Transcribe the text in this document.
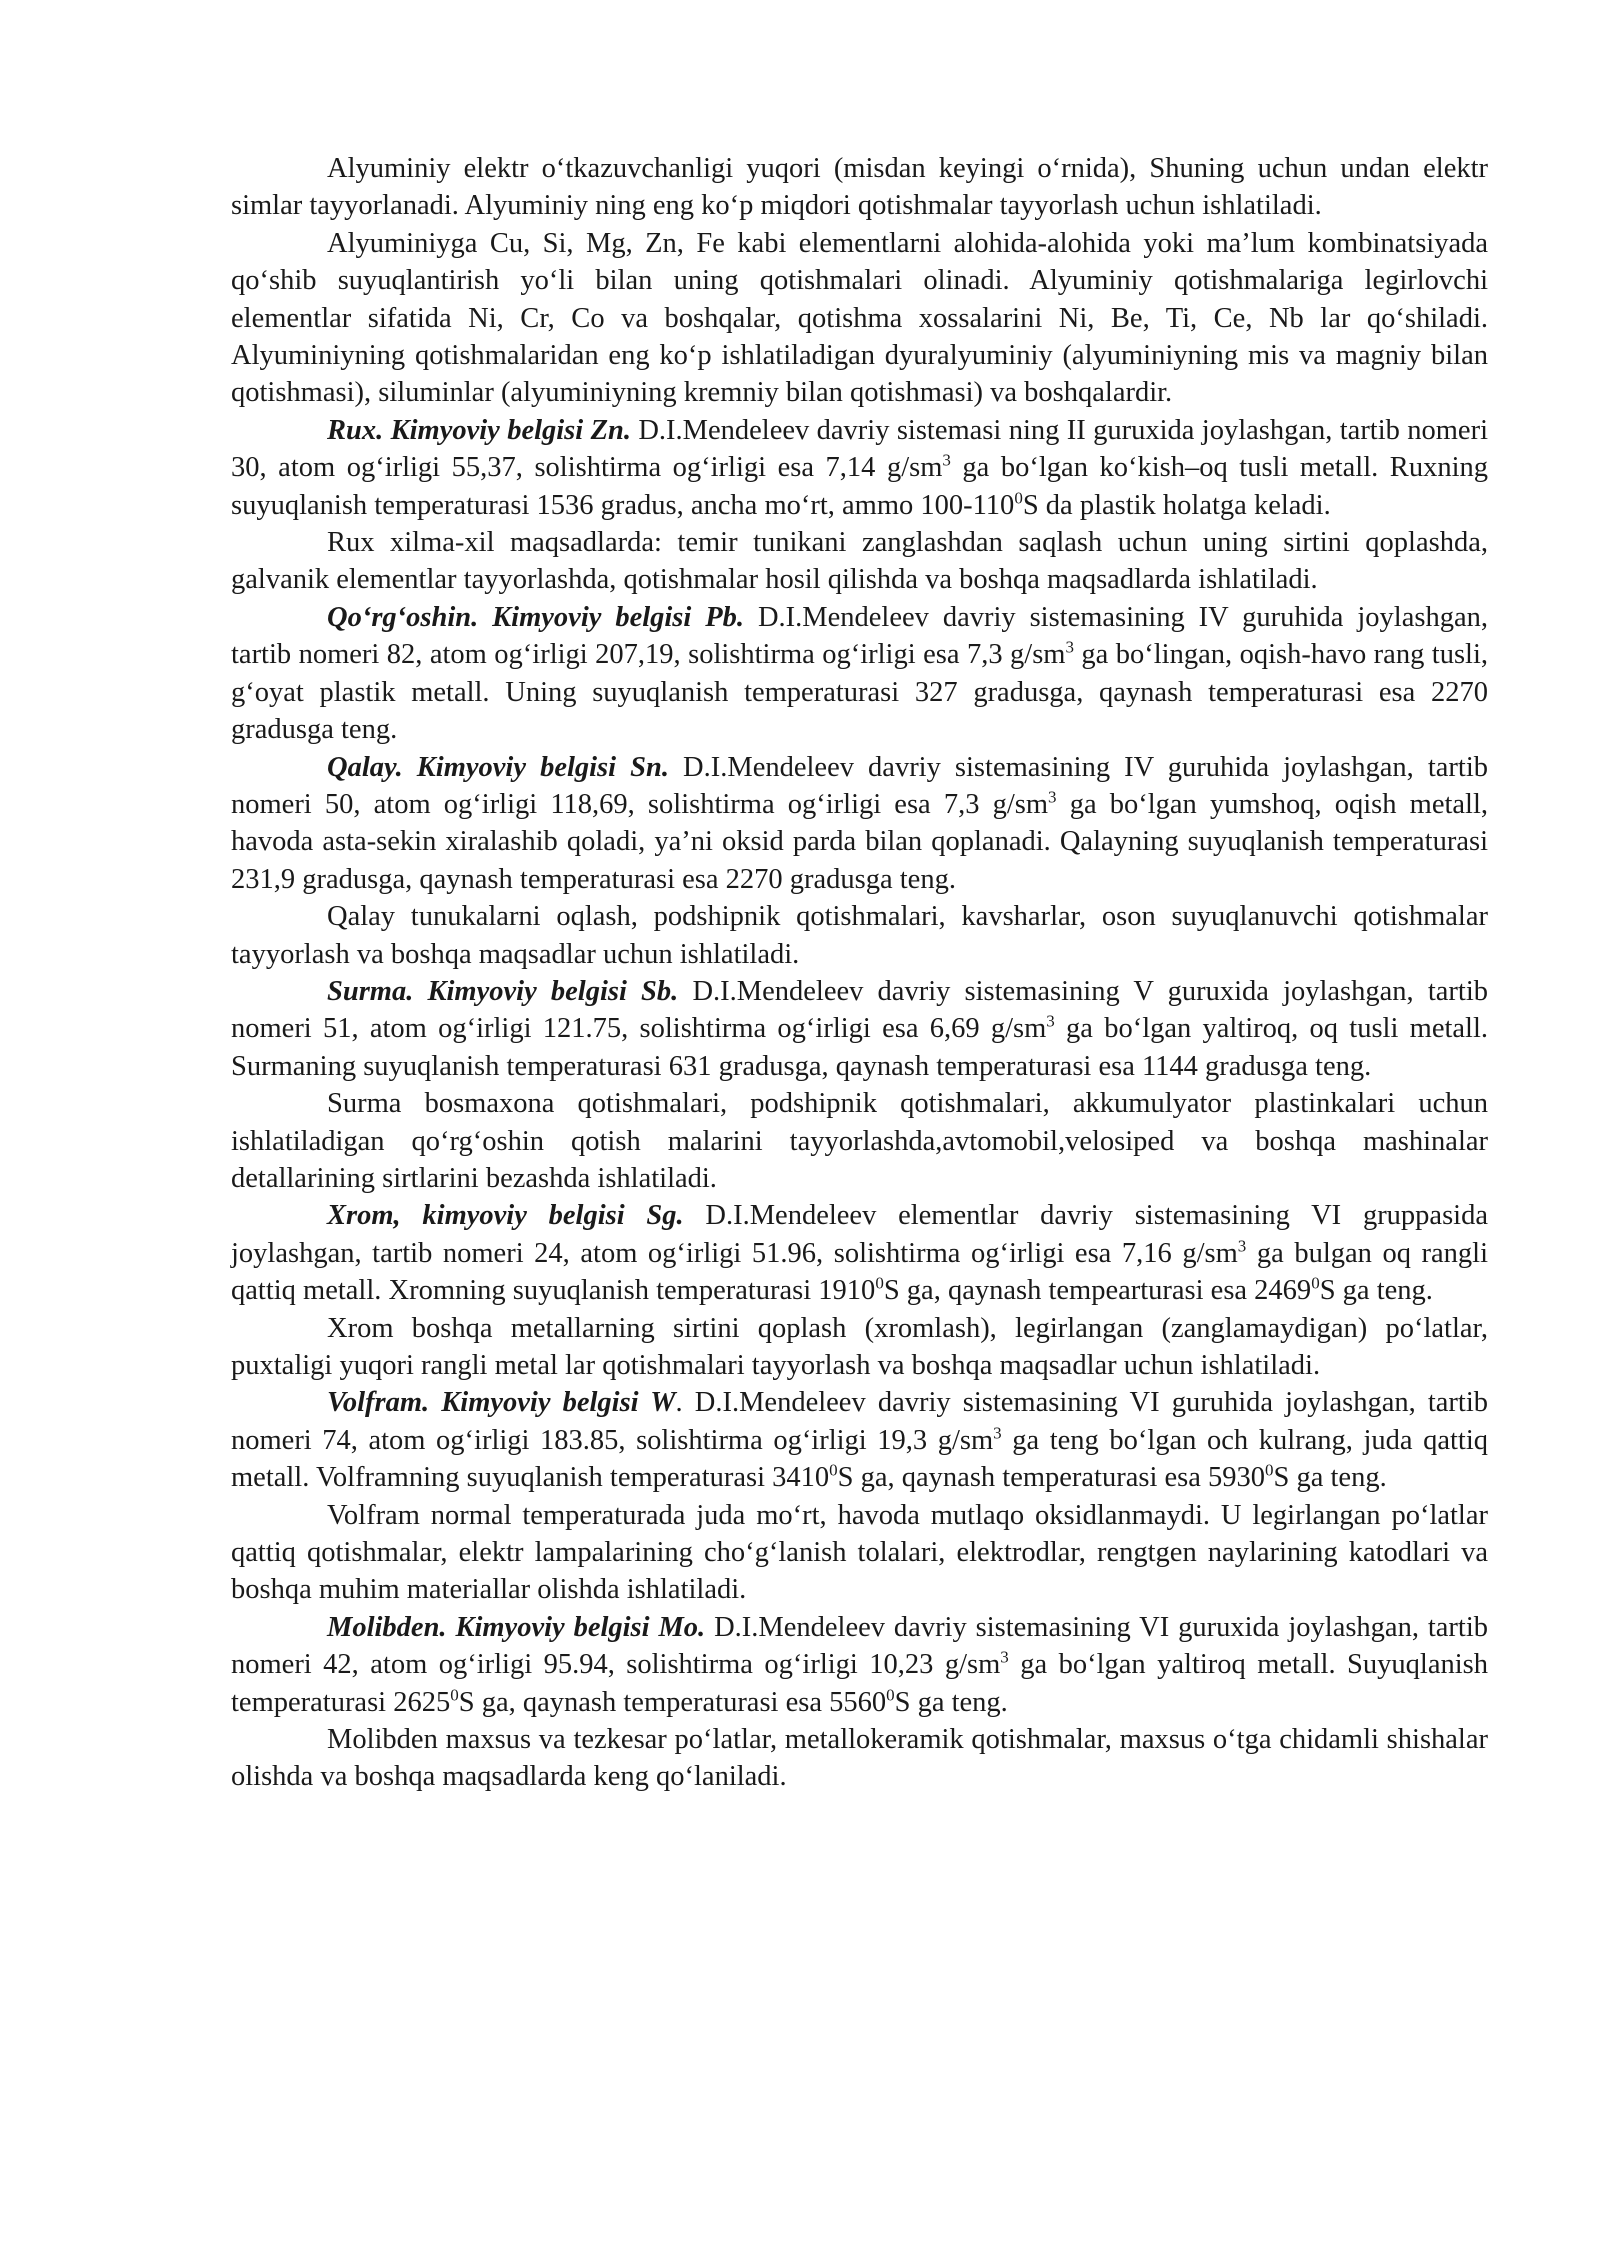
Alyuminiy elektr o‘tkazuvchanligi yuqori (misdan keyingi o‘rnida), Shuning uchun undan elektr simlar tayyorlanadi. Alyuminiy ning eng ko‘p miqdori qotishmalar tayyorlash uchun ishlatiladi.

Alyuminiyga Cu, Si, Mg, Zn, Fe kabi elementlarni alohida-alohida yoki ma’lum kombinatsiyada qo‘shib suyuqlantirish yo‘li bilan uning qotishmalari olinadi. Alyuminiy qotishmalariga legirlovchi elementlar sifatida Ni, Cr, Co va boshqalar, qotishma xossalarini Ni, Be, Ti, Ce, Nb lar qo‘shiladi. Alyuminiyning qotishmalaridan eng ko‘p ishlatiladigan dyuralyuminiy (alyuminiyning mis va magniy bilan qotishmasi), siluminlar (alyuminiyning kremniy bilan qotishmasi) va boshqalardir.

Rux. Kimyoviy belgisi Zn. D.I.Mendeleev davriy sistemasi ning II guruxida joylashgan, tartib nomeri 30, atom og‘irligi 55,37, solishtirma og‘irligi esa 7,14 $g/sm^3$ ga bo‘lgan ko‘kish–oq tusli metall. Ruxning suyuqlanish temperaturasi 1536 gradus, ancha mo‘rt, ammo $100-110^0S$ da plastik holatga keladi.

Rux xilma-xil maqsadlarda: temir tunikani zanglashdan saqlash uchun uning sirtini qoplashda, galvanik elementlar tayyorlashda, qotishmalar hosil qilishda va boshqa maqsadlarda ishlatiladi.

Qo‘rg‘oshin. Kimyoviy belgisi Pb. D.I.Mendeleev davriy sistemasining IV guruhida joylashgan, tartib nomeri 82, atom og‘irligi 207,19, solishtirma og‘irligi esa 7,3 $g/sm^3$ ga bo‘lingan, oqish-havo rang tusli, g‘oyat plastik metall. Uning suyuqlanish temperaturasi 327 gradusga, qaynash temperaturasi esa 2270 gradusga teng.

Qalay. Kimyoviy belgisi Sn. D.I.Mendeleev davriy sistemasining IV guruhida joylashgan, tartib nomeri 50, atom og‘irligi 118,69, solishtirma og‘irligi esa 7,3 $g/sm^3$ ga bo‘lgan yumshoq, oqish metall, havoda asta-sekin xiralashib qoladi, ya’ni oksid parda bilan qoplanadi. Qalayning suyuqlanish temperaturasi 231,9 gradusga, qaynash temperaturasi esa 2270 gradusga teng.

Qalay tunukalarni oqlash, podshipnik qotishmalari, kavsharlar, oson suyuqlanuvchi qotishmalar tayyorlash va boshqa maqsadlar uchun ishlatiladi.

Surma. Kimyoviy belgisi Sb. D.I.Mendeleev davriy sistemasining V guruxida joylashgan, tartib nomeri 51, atom og‘irligi 121.75, solishtirma og‘irligi esa 6,69 $g/sm^3$ ga bo‘lgan yaltiroq, oq tusli metall. Surmaning suyuqlanish temperaturasi 631 gradusga, qaynash temperaturasi esa 1144 gradusga teng.

Surma bosmaxona qotishmalari, podshipnik qotishmalari, akkumulyator plastinkalari uchun ishlatiladigan qo‘rg‘oshin qotish malarini tayyorlashda,avtomobil,velosiped va boshqa mashinalar detallarining sirtlarini bezashda ishlatiladi.

Xrom, kimyoviy belgisi Sg. D.I.Mendeleev elementlar davriy sistemasining VI gruppasida joylashgan, tartib nomeri 24, atom og‘irligi 51.96, solishtirma og‘irligi esa 7,16 $g/sm^3$ ga bulgan oq rangli qattiq metall. Xromning suyuqlanish temperaturasi 1910$^0$S ga, qaynash tempearturasi esa 2469$^0$S ga teng.

Xrom boshqa metallarning sirtini qoplash (xromlash), legirlangan (zanglamaydigan) po‘latlar, puxtaligi yuqori rangli metal lar qotishmalari tayyorlash va boshqa maqsadlar uchun ishlatiladi.

Volfram. Kimyoviy belgisi W. D.I.Mendeleev davriy sistemasining VI guruhida joylashgan, tartib nomeri 74, atom og‘irligi 183.85, solishtirma og‘irligi 19,3 $g/sm^3$ ga teng bo‘lgan och kulrang, juda qattiq metall. Volframning suyuqlanish temperaturasi 3410$^0$S ga, qaynash temperaturasi esa 5930$^0$S ga teng.

Volfram normal temperaturada juda mo‘rt, havoda mutlaqo oksidlanmaydi. U legirlangan po‘latlar qattiq qotishmalar, elektr lampalarining cho‘g‘lanish tolalari, elektrodlar, rengtgen naylarining katodlari va boshqa muhim materiallar olishda ishlatiladi.

Molibden. Kimyoviy belgisi Mo. D.I.Mendeleev davriy sistemasining VI guruxida joylashgan, tartib nomeri 42, atom og‘irligi 95.94, solishtirma og‘irligi 10,23 $g/sm^3$ ga bo‘lgan yaltiroq metall. Suyuqlanish temperaturasi 2625$^0$S ga, qaynash temperaturasi esa 5560$^0$S ga teng.

Molibden maxsus va tezkesar po‘latlar, metallokeramik qotishmalar, maxsus o‘tga chidamli shishalar olishda va boshqa maqsadlarda keng qo‘laniladi.
